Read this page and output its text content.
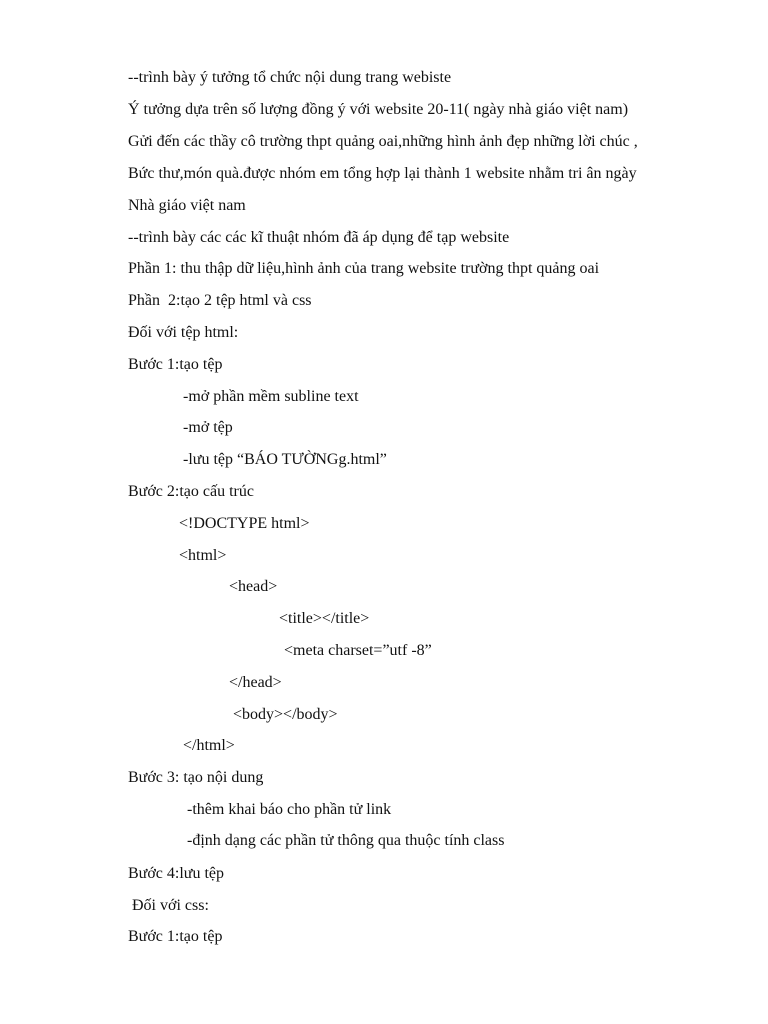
--trình bày ý tưởng tổ chức nội dung trang webiste
Ý tưởng dựa trên số lượng đồng ý với website 20-11( ngày nhà giáo việt nam)
Gửi đến các thầy cô trường thpt quảng oai,những hình ảnh đẹp những lời chúc ,
Bức thư,món quà.được nhóm em tổng hợp lại thành 1 website nhằm tri ân ngày
Nhà giáo việt nam
--trình bày các các kĩ thuật nhóm đã áp dụng để tạp website
Phần 1: thu thập dữ liệu,hình ảnh của trang website trường thpt quảng oai
Phần  2:tạo 2 tệp html và css
Đối với tệp html:
Bước 1:tạo tệp
-mở phần mềm subline text
-mở tệp
-lưu tệp “BÁO TƯỜNGg.html”
Bước 2:tạo cấu trúc
<!DOCTYPE html>
<html>
<head>
<title></title>
<meta charset=”utf -8”
</head>
<body></body>
</html>
Bước 3: tạo nội dung
-thêm khai báo cho phần tử link
-định dạng các phần tử thông qua thuộc tính class
Bước 4:lưu tệp
Đối với css:
Bước 1:tạo tệp
